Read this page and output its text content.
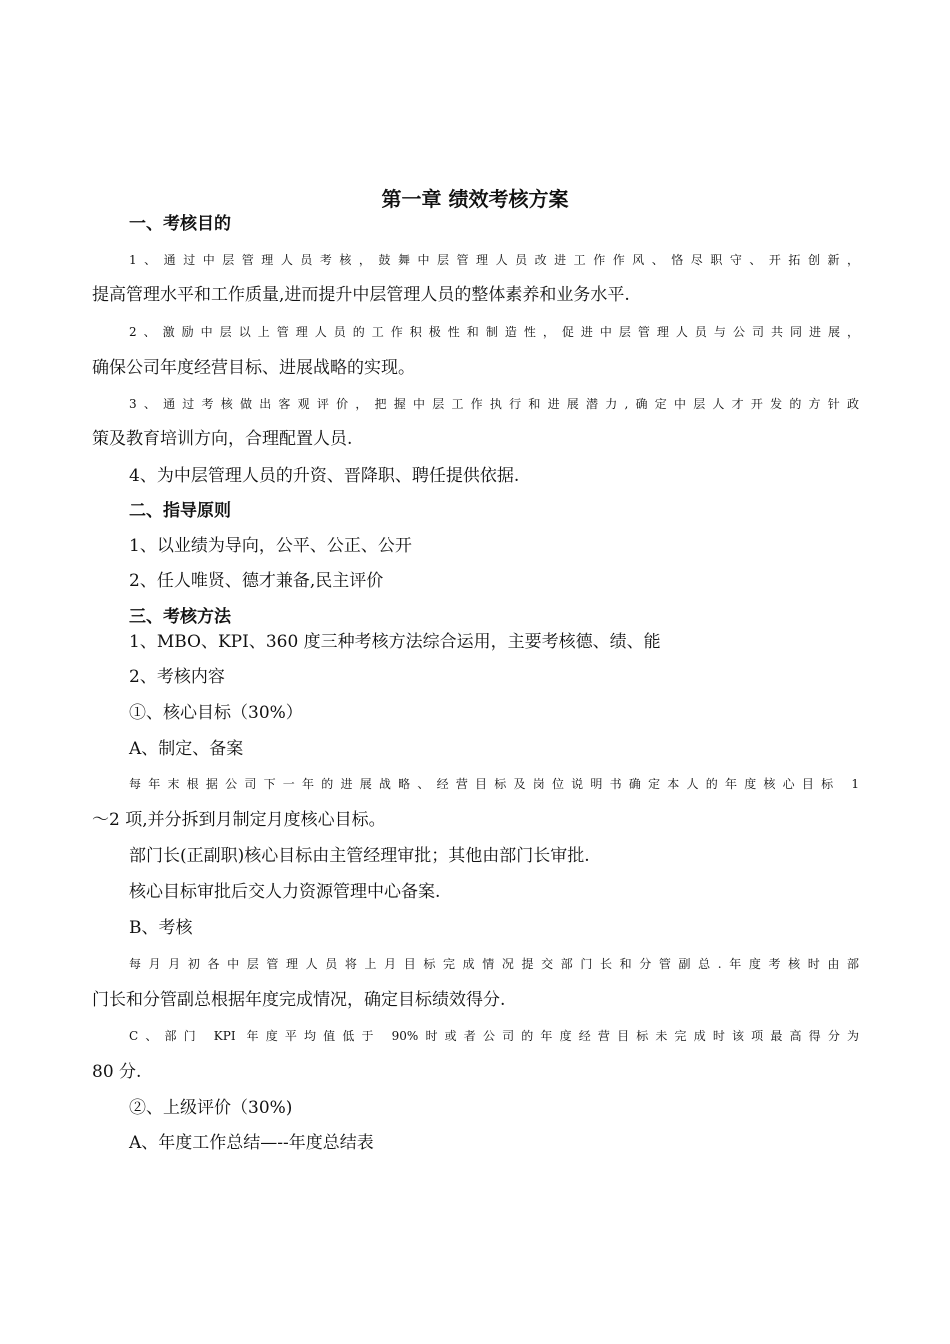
第一章 绩效考核方案
一、考核目的
1、通过中层管理人员考核，鼓舞中层管理人员改进工作作风、恪尽职守、开拓创新，
提高管理水平和工作质量,进而提升中层管理人员的整体素养和业务水平.
2、激励中层以上管理人员的工作积极性和制造性，促进中层管理人员与公司共同进展，
确保公司年度经营目标、进展战略的实现。
3、通过考核做出客观评价，把握中层工作执行和进展潜力,确定中层人才开发的方针政
策及教育培训方向，合理配置人员.
4、为中层管理人员的升资、晋降职、聘任提供依据.
二、指导原则
1、以业绩为导向，公平、公正、公开
2、任人唯贤、德才兼备,民主评价
三、考核方法
1、MBO、KPI、360 度三种考核方法综合运用，主要考核德、绩、能
2、考核内容
①、核心目标（30%）
A、制定、备案
每年末根据公司下一年的进展战略、经营目标及岗位说明书确定本人的年度核心目标 1
～2 项,并分拆到月制定月度核心目标。
部门长(正副职)核心目标由主管经理审批；其他由部门长审批.
核心目标审批后交人力资源管理中心备案.
B、考核
每月月初各中层管理人员将上月目标完成情况提交部门长和分管副总.年度考核时由部
门长和分管副总根据年度完成情况，确定目标绩效得分.
C、部门 KPI 年度平均值低于 90%时或者公司的年度经营目标未完成时该项最高得分为
80 分.
②、上级评价（30%)
A、年度工作总结—--年度总结表
